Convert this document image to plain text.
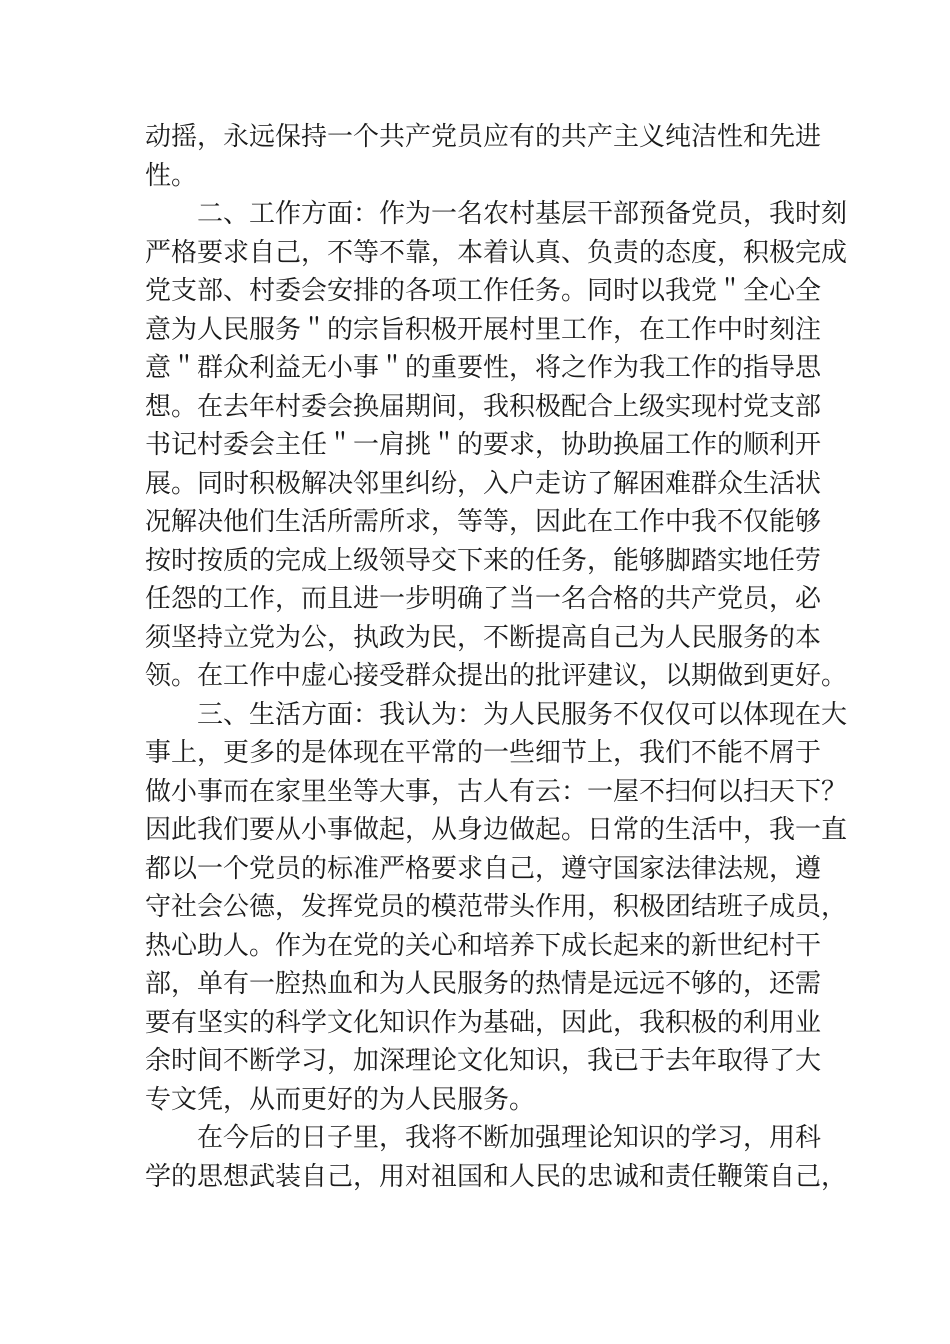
动摇，永远保持一个共产党员应有的共产主义纯洁性和先进
性。
　　二、工作方面：作为一名农村基层干部预备党员，我时刻
严格要求自己，不等不靠，本着认真、负责的态度，积极完成
党支部、村委会安排的各项工作任务。同时以我党＂全心全
意为人民服务＂的宗旨积极开展村里工作，在工作中时刻注
意＂群众利益无小事＂的重要性，将之作为我工作的指导思
想。在去年村委会换届期间，我积极配合上级实现村党支部
书记村委会主任＂一肩挑＂的要求，协助换届工作的顺利开
展。同时积极解决邻里纠纷，入户走访了解困难群众生活状
况解决他们生活所需所求，等等，因此在工作中我不仅能够
按时按质的完成上级领导交下来的任务，能够脚踏实地任劳
任怨的工作，而且进一步明确了当一名合格的共产党员，必
须坚持立党为公，执政为民，不断提高自己为人民服务的本
领。在工作中虚心接受群众提出的批评建议，以期做到更好。
　　三、生活方面：我认为：为人民服务不仅仅可以体现在大
事上，更多的是体现在平常的一些细节上，我们不能不屑于
做小事而在家里坐等大事，古人有云：一屋不扫何以扫天下？
因此我们要从小事做起，从身边做起。日常的生活中，我一直
都以一个党员的标准严格要求自己，遵守国家法律法规，遵
守社会公德，发挥党员的模范带头作用，积极团结班子成员，
热心助人。作为在党的关心和培养下成长起来的新世纪村干
部，单有一腔热血和为人民服务的热情是远远不够的，还需
要有坚实的科学文化知识作为基础，因此，我积极的利用业
余时间不断学习，加深理论文化知识，我已于去年取得了大
专文凭，从而更好的为人民服务。
　　在今后的日子里，我将不断加强理论知识的学习，用科
学的思想武装自己，用对祖国和人民的忠诚和责任鞭策自己，
